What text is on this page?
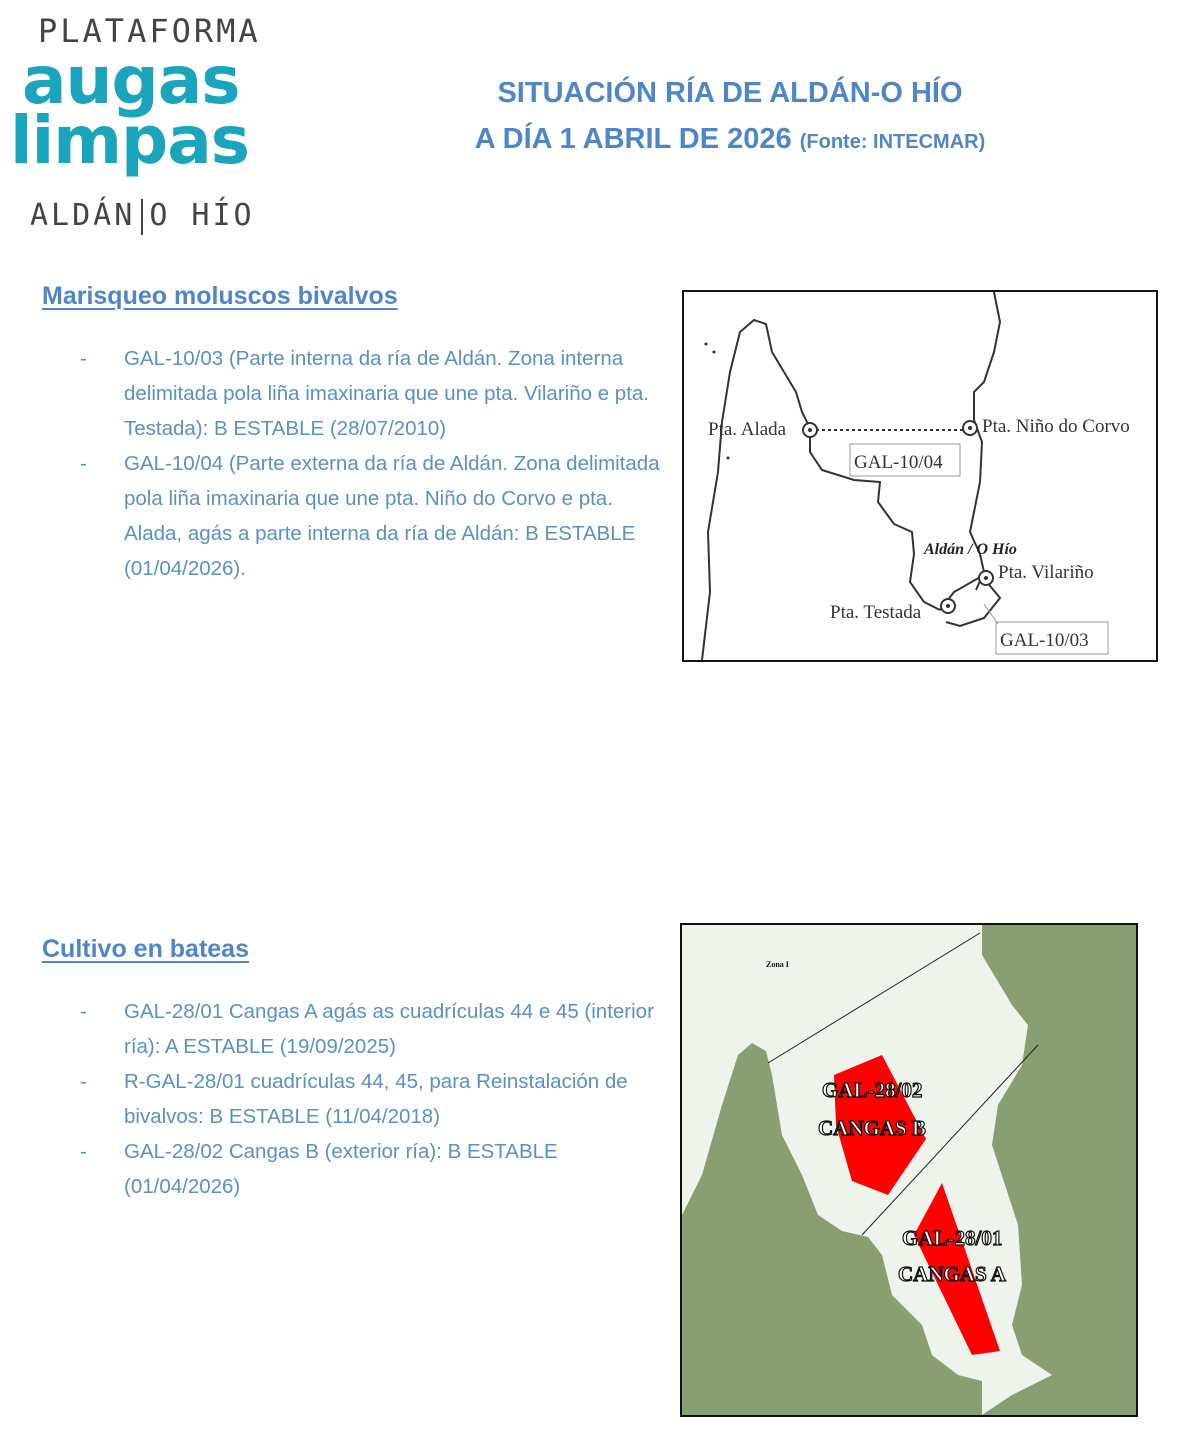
PLATAFORMA
augas
limpas
ALDÁN O HÍO
SITUACIÓN RÍA DE ALDÁN-O HÍO
A DÍA 1 ABRIL DE 2026 (Fonte: INTECMAR)
Marisqueo moluscos bivalvos
- GAL-10/03 (Parte interna da ría de Aldán. Zona interna delimitada pola liña imaxinaria que une pta. Vilariño e pta. Testada): B ESTABLE (28/07/2010)
- GAL-10/04 (Parte externa da ría de Aldán. Zona delimitada pola liña imaxinaria que une pta. Niño do Corvo e pta. Alada, agás a parte interna da ría de Aldán: B ESTABLE (01/04/2026).
Pta. Alada	Pta. Niño do Corvo
GAL-10/04
Aldán / O Hío
Pta. Vilariño
Pta. Testada
GAL-10/03
Cultivo en bateas
- GAL-28/01 Cangas A agás as cuadrículas 44 e 45 (interior ría): A ESTABLE (19/09/2025)
- R-GAL-28/01 cuadrículas 44, 45, para Reinstalación de bivalvos: B ESTABLE (11/04/2018)
- GAL-28/02 Cangas B (exterior ría): B ESTABLE (01/04/2026)
Zona I
GAL-28/02
CANGAS B
GAL-28/01
CANGAS A
